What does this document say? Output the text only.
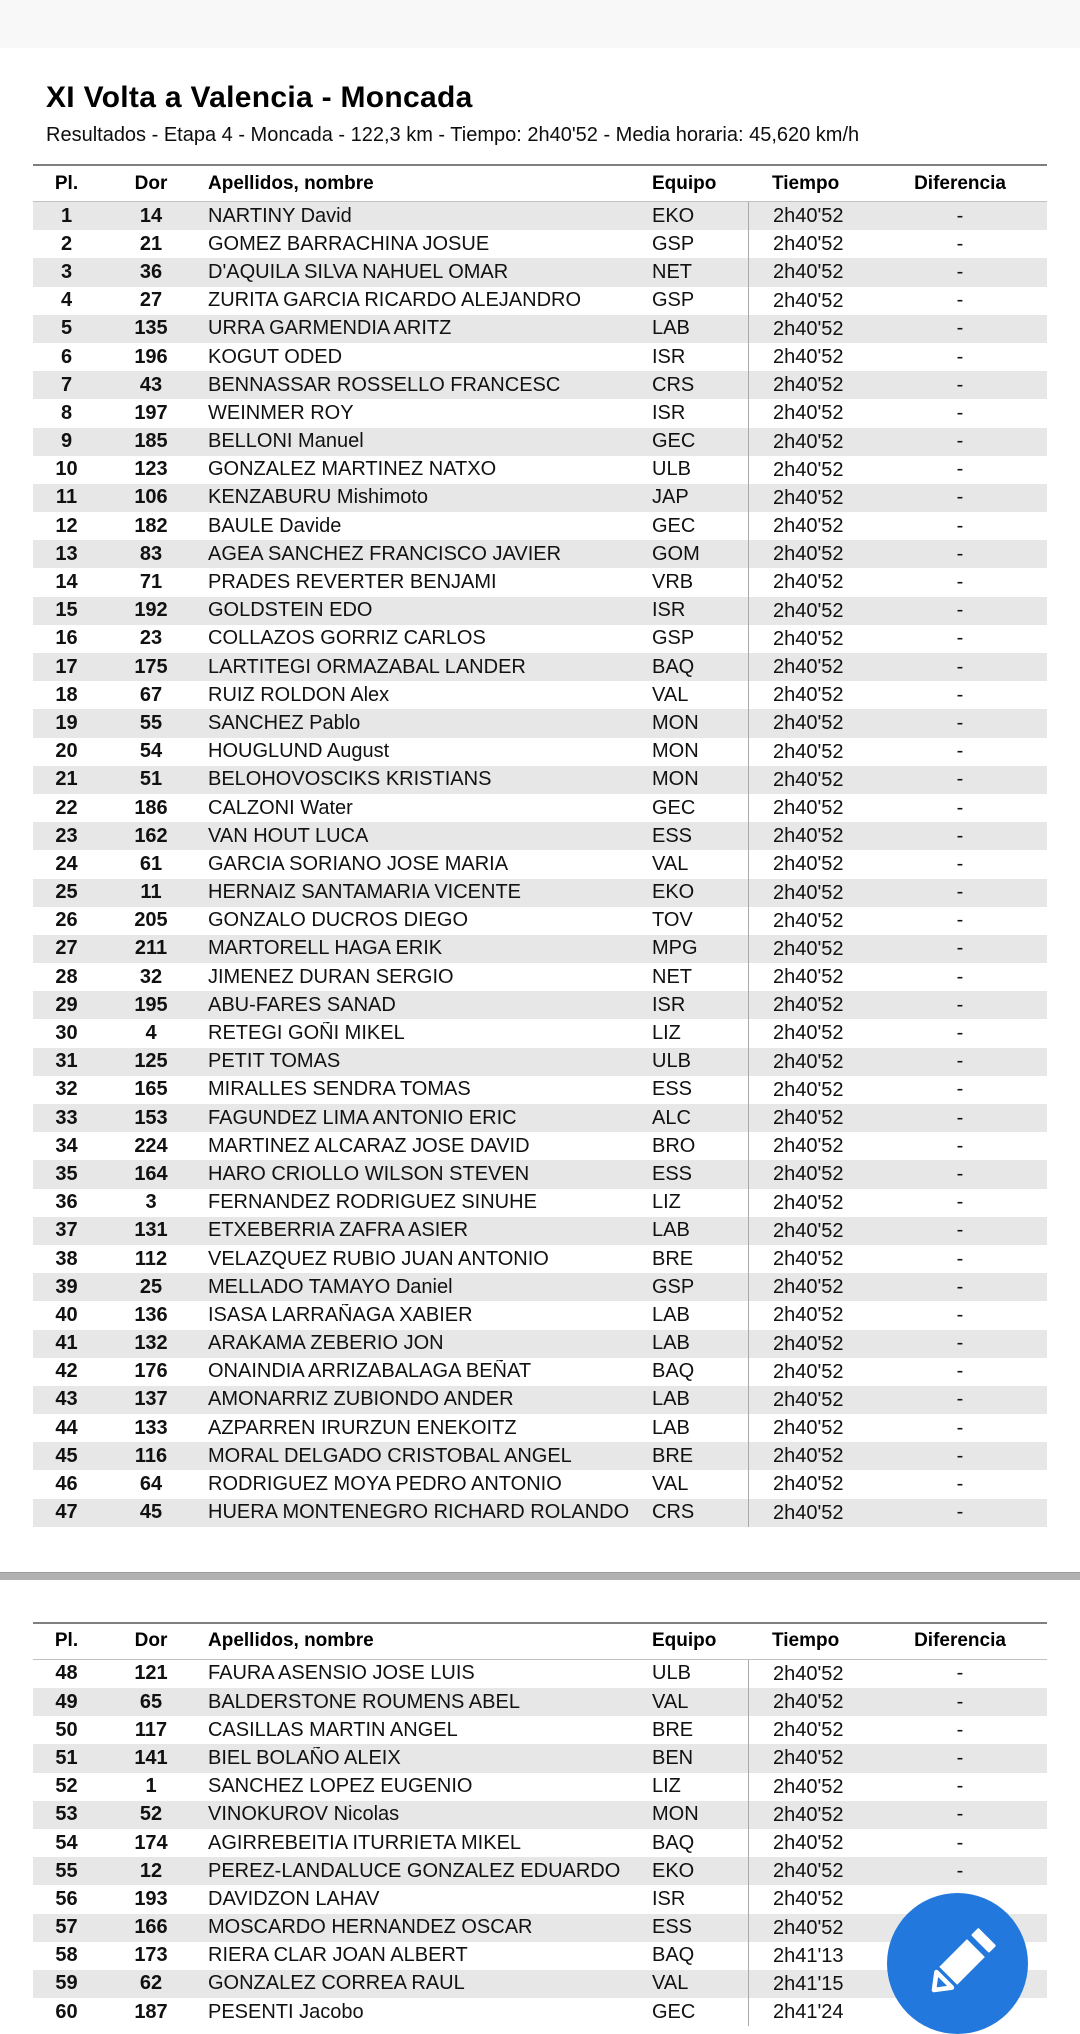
XI Volta a Valencia - Moncada
Resultados - Etapa 4 - Moncada - 122,3 km - Tiempo: 2h40'52 - Media horaria: 45,620 km/h
Pl.	Dor	Apellidos, nombre	Equipo	Tiempo	Diferencia
1	14	NARTINY David	EKO	2h40'52	-
2	21	GOMEZ BARRACHINA JOSUE	GSP	2h40'52	-
3	36	D'AQUILA SILVA NAHUEL OMAR	NET	2h40'52	-
4	27	ZURITA GARCIA RICARDO ALEJANDRO	GSP	2h40'52	-
5	135	URRA GARMENDIA ARITZ	LAB	2h40'52	-
6	196	KOGUT ODED	ISR	2h40'52	-
7	43	BENNASSAR ROSSELLO FRANCESC	CRS	2h40'52	-
8	197	WEINMER ROY	ISR	2h40'52	-
9	185	BELLONI Manuel	GEC	2h40'52	-
10	123	GONZALEZ MARTINEZ NATXO	ULB	2h40'52	-
11	106	KENZABURU Mishimoto	JAP	2h40'52	-
12	182	BAULE Davide	GEC	2h40'52	-
13	83	AGEA SANCHEZ FRANCISCO JAVIER	GOM	2h40'52	-
14	71	PRADES REVERTER BENJAMI	VRB	2h40'52	-
15	192	GOLDSTEIN EDO	ISR	2h40'52	-
16	23	COLLAZOS GORRIZ CARLOS	GSP	2h40'52	-
17	175	LARTITEGI ORMAZABAL LANDER	BAQ	2h40'52	-
18	67	RUIZ ROLDON Alex	VAL	2h40'52	-
19	55	SANCHEZ Pablo	MON	2h40'52	-
20	54	HOUGLUND August	MON	2h40'52	-
21	51	BELOHOVOSCIKS KRISTIANS	MON	2h40'52	-
22	186	CALZONI Water	GEC	2h40'52	-
23	162	VAN HOUT LUCA	ESS	2h40'52	-
24	61	GARCIA SORIANO JOSE MARIA	VAL	2h40'52	-
25	11	HERNAIZ SANTAMARIA VICENTE	EKO	2h40'52	-
26	205	GONZALO DUCROS DIEGO	TOV	2h40'52	-
27	211	MARTORELL HAGA ERIK	MPG	2h40'52	-
28	32	JIMENEZ DURAN SERGIO	NET	2h40'52	-
29	195	ABU-FARES SANAD	ISR	2h40'52	-
30	4	RETEGI GOÑI MIKEL	LIZ	2h40'52	-
31	125	PETIT TOMAS	ULB	2h40'52	-
32	165	MIRALLES SENDRA TOMAS	ESS	2h40'52	-
33	153	FAGUNDEZ LIMA ANTONIO ERIC	ALC	2h40'52	-
34	224	MARTINEZ ALCARAZ JOSE DAVID	BRO	2h40'52	-
35	164	HARO CRIOLLO WILSON STEVEN	ESS	2h40'52	-
36	3	FERNANDEZ RODRIGUEZ SINUHE	LIZ	2h40'52	-
37	131	ETXEBERRIA ZAFRA ASIER	LAB	2h40'52	-
38	112	VELAZQUEZ RUBIO JUAN ANTONIO	BRE	2h40'52	-
39	25	MELLADO TAMAYO Daniel	GSP	2h40'52	-
40	136	ISASA LARRAÑAGA XABIER	LAB	2h40'52	-
41	132	ARAKAMA ZEBERIO JON	LAB	2h40'52	-
42	176	ONAINDIA ARRIZABALAGA BEÑAT	BAQ	2h40'52	-
43	137	AMONARRIZ ZUBIONDO ANDER	LAB	2h40'52	-
44	133	AZPARREN IRURZUN ENEKOITZ	LAB	2h40'52	-
45	116	MORAL DELGADO CRISTOBAL ANGEL	BRE	2h40'52	-
46	64	RODRIGUEZ MOYA PEDRO ANTONIO	VAL	2h40'52	-
47	45	HUERA MONTENEGRO RICHARD ROLANDO	CRS	2h40'52	-
Pl.	Dor	Apellidos, nombre	Equipo	Tiempo	Diferencia
48	121	FAURA ASENSIO JOSE LUIS	ULB	2h40'52	-
49	65	BALDERSTONE ROUMENS ABEL	VAL	2h40'52	-
50	117	CASILLAS MARTIN ANGEL	BRE	2h40'52	-
51	141	BIEL BOLAÑO ALEIX	BEN	2h40'52	-
52	1	SANCHEZ LOPEZ EUGENIO	LIZ	2h40'52	-
53	52	VINOKUROV Nicolas	MON	2h40'52	-
54	174	AGIRREBEITIA ITURRIETA MIKEL	BAQ	2h40'52	-
55	12	PEREZ-LANDALUCE GONZALEZ EDUARDO	EKO	2h40'52	-
56	193	DAVIDZON LAHAV	ISR	2h40'52
57	166	MOSCARDO HERNANDEZ OSCAR	ESS	2h40'52
58	173	RIERA CLAR JOAN ALBERT	BAQ	2h41'13
59	62	GONZALEZ CORREA RAUL	VAL	2h41'15
60	187	PESENTI Jacobo	GEC	2h41'24
